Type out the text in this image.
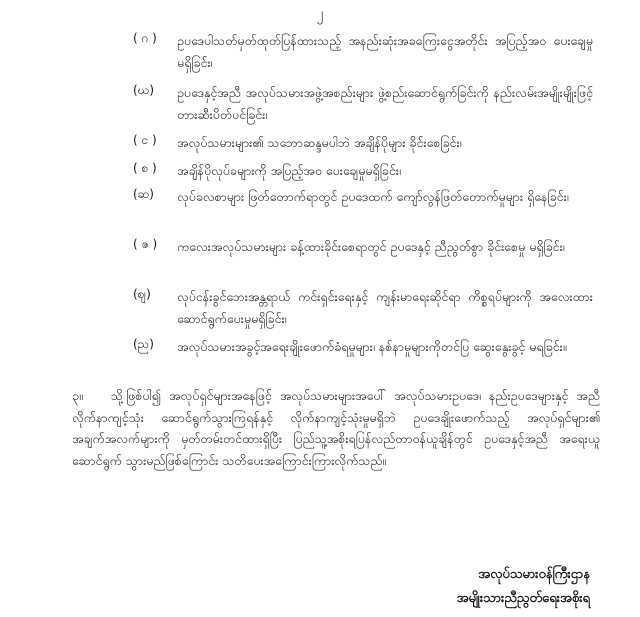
၂
( ဂ ) ဥပဒေပါသတ်မှတ်ထုတ်ပြန်ထားသည့် အနည်းဆုံးအခကြေးငွေအတိုင်း အပြည့်အဝ ပေးချေမှု မရှိခြင်း၊
(ဃ) ဥပဒေနှင့်အညီ အလုပ်သမားအဖွဲ့အစည်းများ ဖွဲ့စည်းဆောင်ရွက်ခြင်းကို နည်းလမ်းအမျိုးမျိုးဖြင့် တားဆီးပိတ်ပင်ခြင်း၊
( င ) အလုပ်သမားများ၏ သဘောဆန္ဒမပါဘဲ အချိန်ပိုများ ခိုင်းစေခြင်း၊
( စ ) အချိန်ပိုလုပ်ခများကို အပြည့်အဝ ပေးချေမှုမရှိခြင်း၊
(ဆ) လုပ်ခလစာများ ဖြတ်တောက်ရာတွင် ဥပဒေထက် ကျော်လွန်ဖြတ်တောက်မှုများ ရှိနေခြင်း၊
( ဇ ) ကလေးအလုပ်သမားများ ခန့်ထားခိုင်းစေရာတွင် ဥပဒေနှင့် ညီညွတ်စွာ ခိုင်းစေမှု မရှိခြင်း၊
(ဈ) လုပ်ငန်းခွင်ဘေးအန္တရာယ် ကင်းရှင်းရေးနှင့် ကျန်းမာရေးဆိုင်ရာ ကိစ္စရပ်များကို အလေးထား ဆောင်ရွက်ပေးမှုမရှိခြင်း၊
(ည) အလုပ်သမားအခွင့်အရေးချိုးဖောက်ခံရမှုများ၊ နစ်နာမှုများကိုတင်ပြ ဆွေးနွေးခွင့် မရခြင်း။
၃။ သို့ဖြစ်ပါ၍ အလုပ်ရှင်များအနေဖြင့် အလုပ်သမားများအပေါ် အလုပ်သမားဥပဒေ၊ နည်းဥပဒေများနှင့် အညီလိုက်နာကျင့်သုံး ဆောင်ရွက်သွားကြရန်နှင့် လိုက်နာကျင့်သုံးမှုမရှိဘဲ ဥပဒေချိုးဖောက်သည့် အလုပ်ရှင်များ၏ အချက်အလက်များကို မှတ်တမ်းတင်ထားရှိပြီး ပြည်သူ့အစိုးရပြန်လည်တာဝန်ယူချိန်တွင် ဥပဒေနှင့်အညီ အရေးယူဆောင်ရွက် သွားမည်ဖြစ်ကြောင်း သတိပေးအကြောင်းကြားလိုက်သည်။
အလုပ်သမားဝန်ကြီးဌာန
အမျိုးသားညီညွတ်ရေးအစိုးရ
